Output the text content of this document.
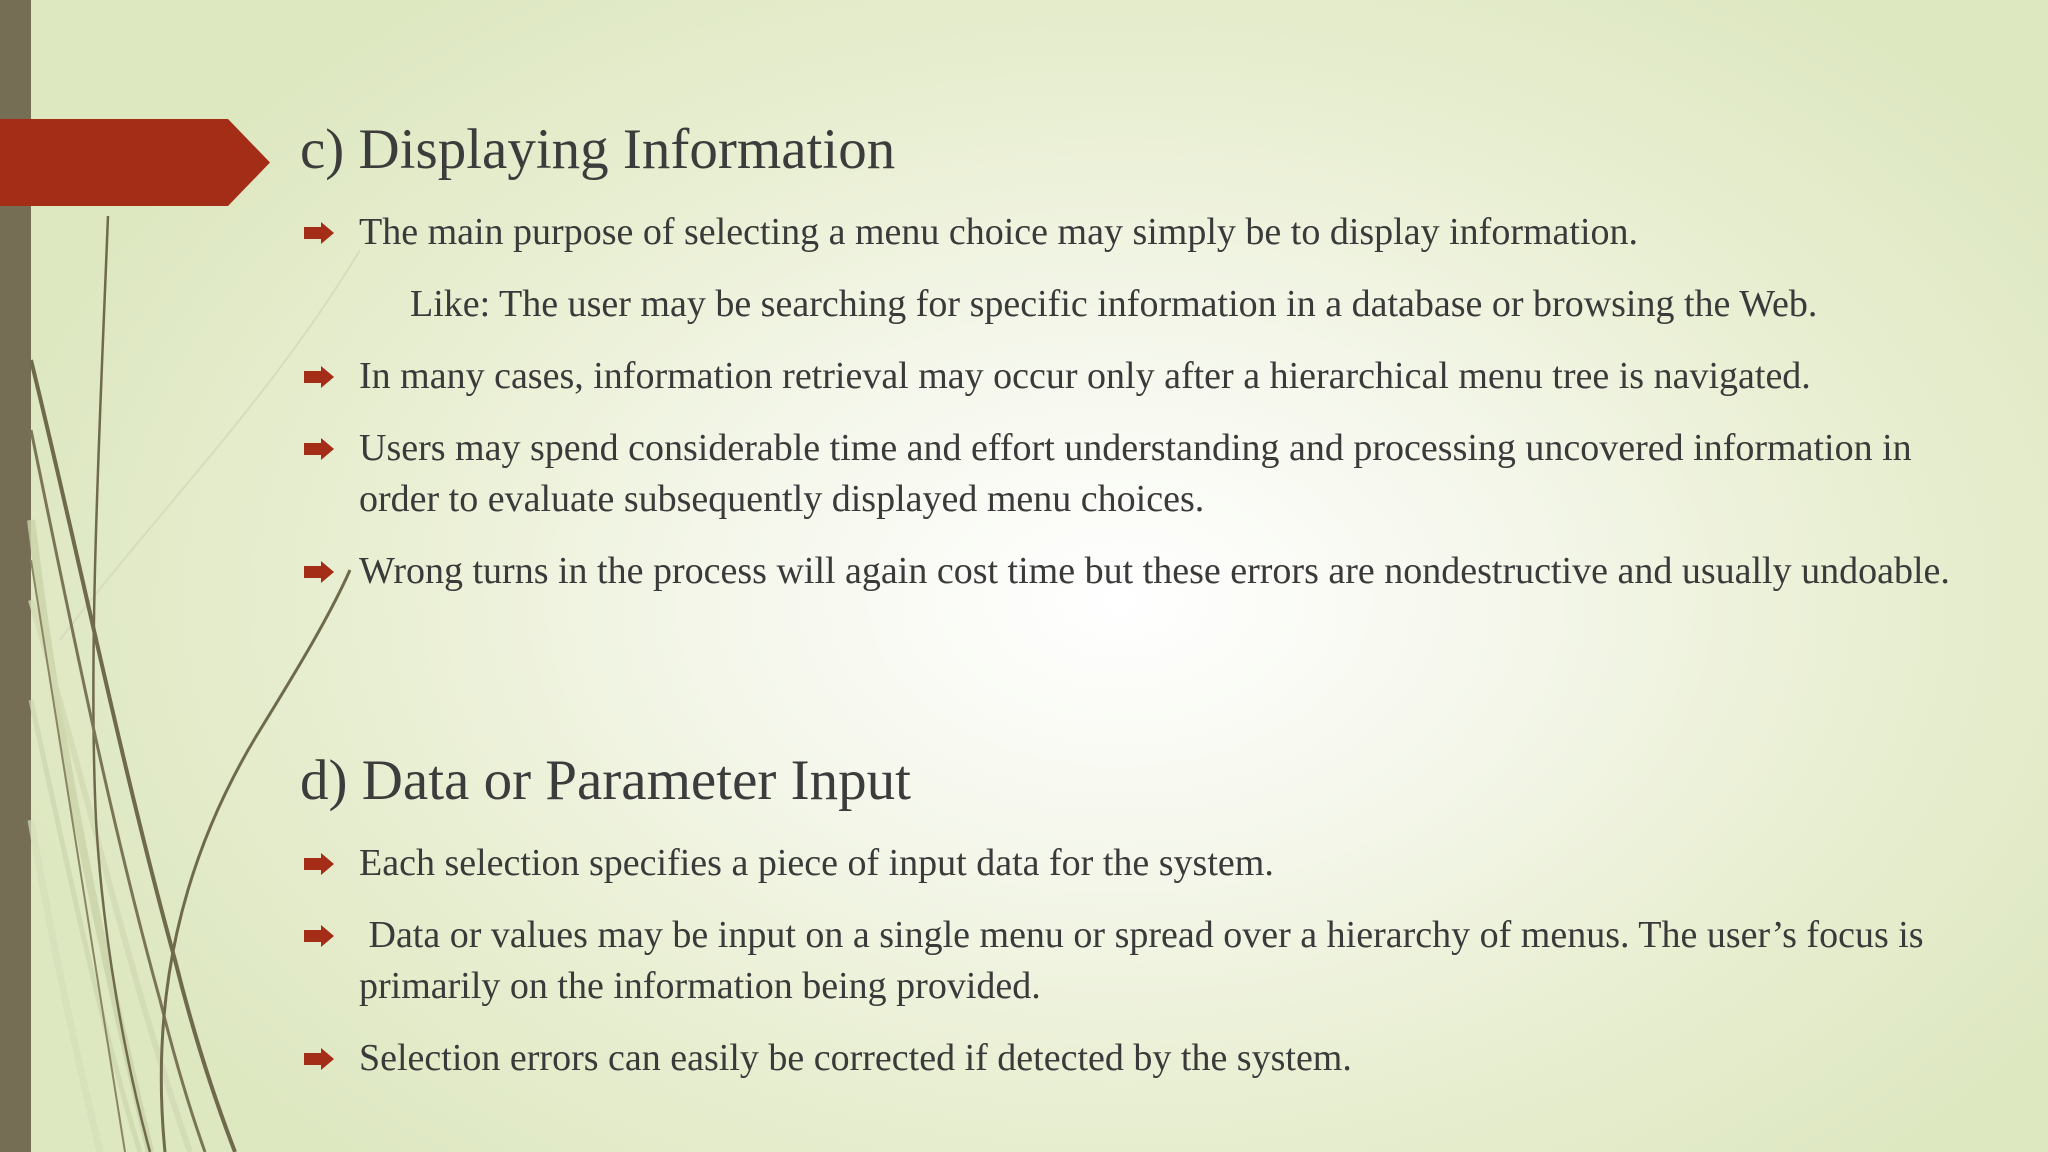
c) Displaying Information
The main purpose of selecting a menu choice may simply be to display information.
Like: The user may be searching for specific information in a database or browsing the Web.
In many cases, information retrieval may occur only after a hierarchical menu tree is navigated.
Users may spend considerable time and effort understanding and processing uncovered information in order to evaluate subsequently displayed menu choices.
Wrong turns in the process will again cost time but these errors are nondestructive and usually undoable.
d) Data or Parameter Input
Each selection specifies a piece of input data for the system.
Data or values may be input on a single menu or spread over a hierarchy of menus. The user’s focus is primarily on the information being provided.
Selection errors can easily be corrected if detected by the system.
